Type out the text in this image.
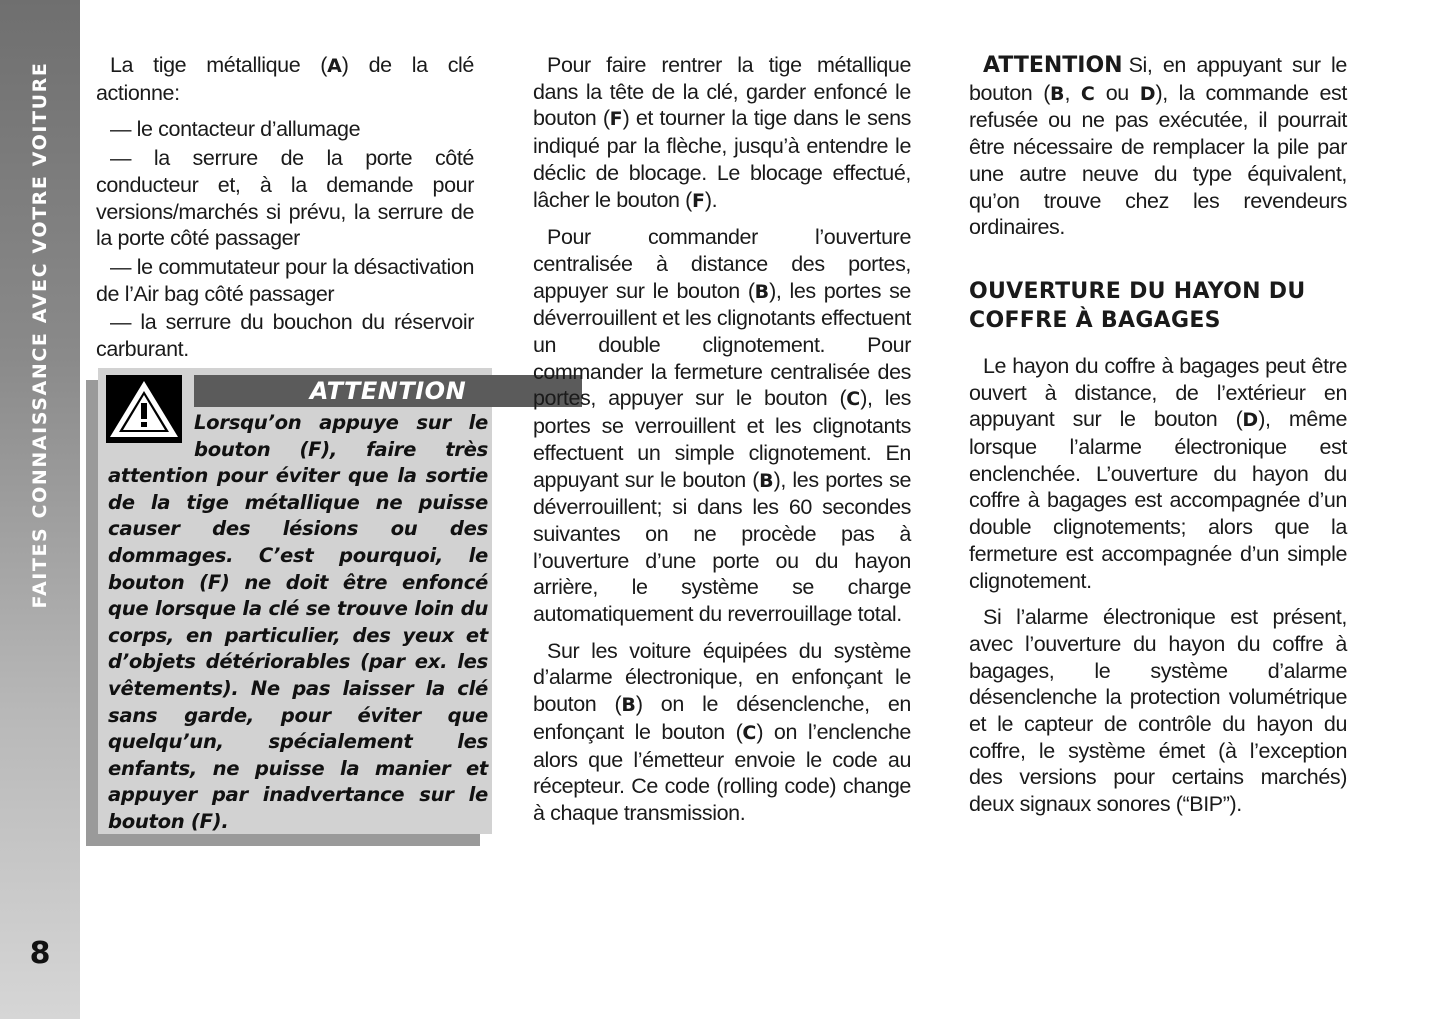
FAITES CONNAISSANCE AVEC VOTRE VOITURE
8

La tige métallique (A) de la clé actionne:

— le contacteur d’allumage

— la serrure de la porte côté conducteur et, à la demande pour versions/marchés si prévu, la serrure de la porte côté passager

— le commutateur pour la désactivation de l’Air bag côté passager

— la serrure du bouchon du réservoir carburant.

ATTENTION

Lorsqu’on appuye sur le bouton (F), faire très attention pour éviter que la sortie de la tige métallique ne puisse causer des lésions ou des dommages. C’est pourquoi, le bouton (F) ne doit être enfoncé que lorsque la clé se trouve loin du corps, en particulier, des yeux et d’objets détériorables (par ex. les vêtements). Ne pas laisser la clé sans garde, pour éviter que quelqu’un, spécialement les enfants, ne puisse la manier et appuyer par inadvertance sur le bouton (F).

Pour faire rentrer la tige métallique dans la tête de la clé, garder enfoncé le bouton (F) et tourner la tige dans le sens indiqué par la flèche, jusqu’à entendre le déclic de blocage. Le blocage effectué, lâcher le bouton (F).

Pour commander l’ouverture centralisée à distance des portes, appuyer sur le bouton (B), les portes se déverrouillent et les clignotants effectuent un double clignotement. Pour commander la fermeture centralisée des portes, appuyer sur le bouton (C), les portes se verrouillent et les clignotants effectuent un simple clignotement. En appuyant sur le bouton (B), les portes se déverrouillent; si dans les 60 secondes suivantes on ne procède pas à l’ouverture d’une porte ou du hayon arrière, le système se charge automatiquement du reverrouillage total.

Sur les voiture équipées du système d’alarme électronique, en enfonçant le bouton (B) on le désenclenche, en enfonçant le bouton (C) on l’enclenche alors que l’émetteur envoie le code au récepteur. Ce code (rolling code) change à chaque transmission.

ATTENTION Si, en appuyant sur le bouton (B, C ou D), la commande est refusée ou ne pas exécutée, il pourrait être nécessaire de remplacer la pile par une autre neuve du type équivalent, qu’on trouve chez les revendeurs ordinaires.

OUVERTURE DU HAYON DU
COFFRE À BAGAGES

Le hayon du coffre à bagages peut être ouvert à distance, de l’extérieur en appuyant sur le bouton (D), même lorsque l’alarme électronique est enclenchée. L’ouverture du hayon du coffre à bagages est accompagnée d’un double clignotements; alors que la fermeture est accompagnée d’un simple clignotement.

Si l’alarme électronique est présent, avec l’ouverture du hayon du coffre à bagages, le système d’alarme désenclenche la protection volumétrique et le capteur de contrôle du hayon du coffre, le système émet (à l’exception des versions pour certains marchés) deux signaux sonores (“BIP”).
